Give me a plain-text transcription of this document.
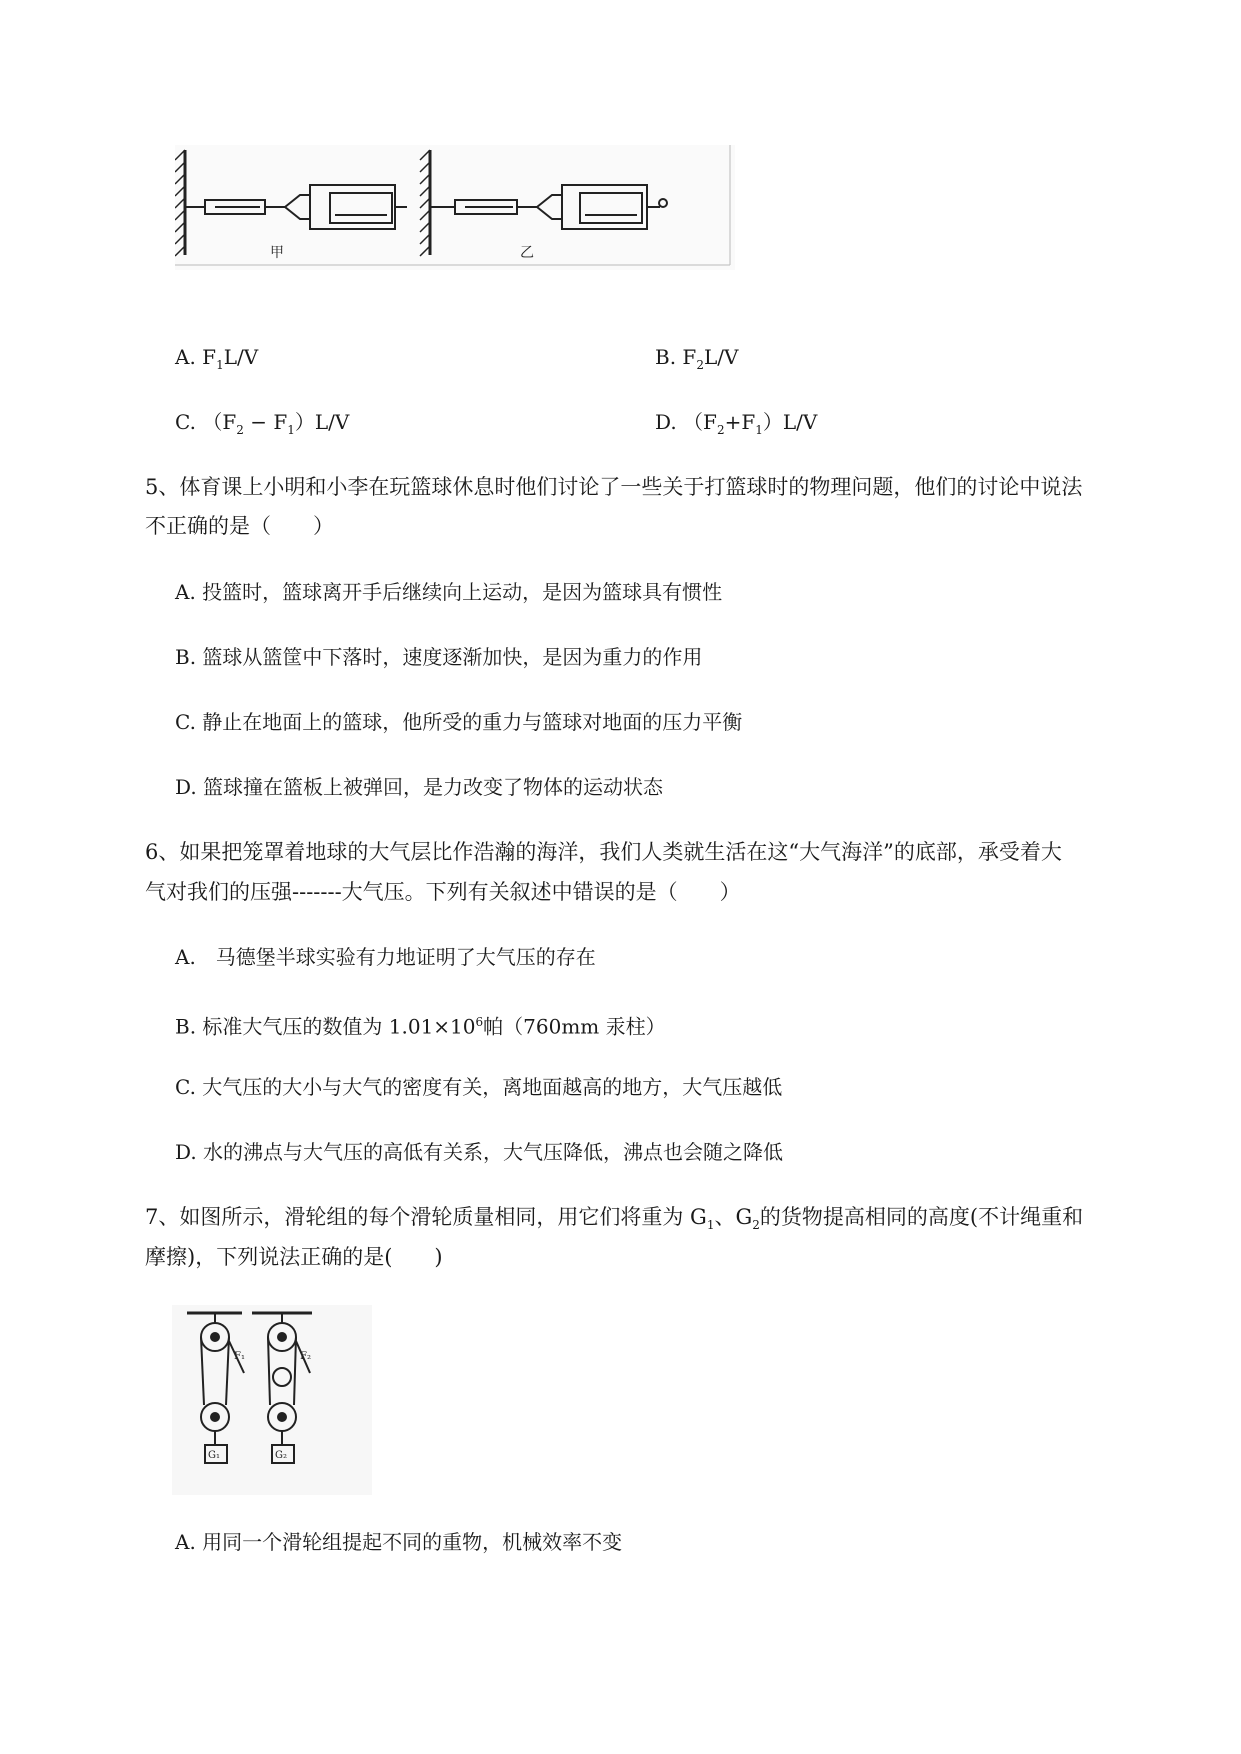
甲	乙
A. $F_1L/V$	B. $F_2L/V$
C. $(F_2 - F_1)L/V$	D. $(F_2+F_1)L/V$
5、体育课上小明和小李在玩篮球休息时他们讨论了一些关于打篮球时的物理问题，他们的讨论中说法
不正确的是（　　）
A. 投篮时，篮球离开手后继续向上运动，是因为篮球具有惯性
B. 篮球从篮筐中下落时，速度逐渐加快，是因为重力的作用
C. 静止在地面上的篮球，他所受的重力与篮球对地面的压力平衡
D. 篮球撞在篮板上被弹回，是力改变了物体的运动状态
6、如果把笼罩着地球的大气层比作浩瀚的海洋，我们人类就生活在这“大气海洋”的底部，承受着大
气对我们的压强-------大气压。下列有关叙述中错误的是（　　）
A.　马德堡半球实验有力地证明了大气压的存在
B. 标准大气压的数值为 $1.01\times 10^6$帕（760mm 汞柱）
C. 大气压的大小与大气的密度有关，离地面越高的地方，大气压越低
D. 水的沸点与大气压的高低有关系，大气压降低，沸点也会随之降低
7、如图所示，滑轮组的每个滑轮质量相同，用它们将重为 $G_1$、$G_2$的货物提高相同的高度(不计绳重和
摩擦)，下列说法正确的是(　　)
F₁
G₁
F₂
G₂
A. 用同一个滑轮组提起不同的重物，机械效率不变
